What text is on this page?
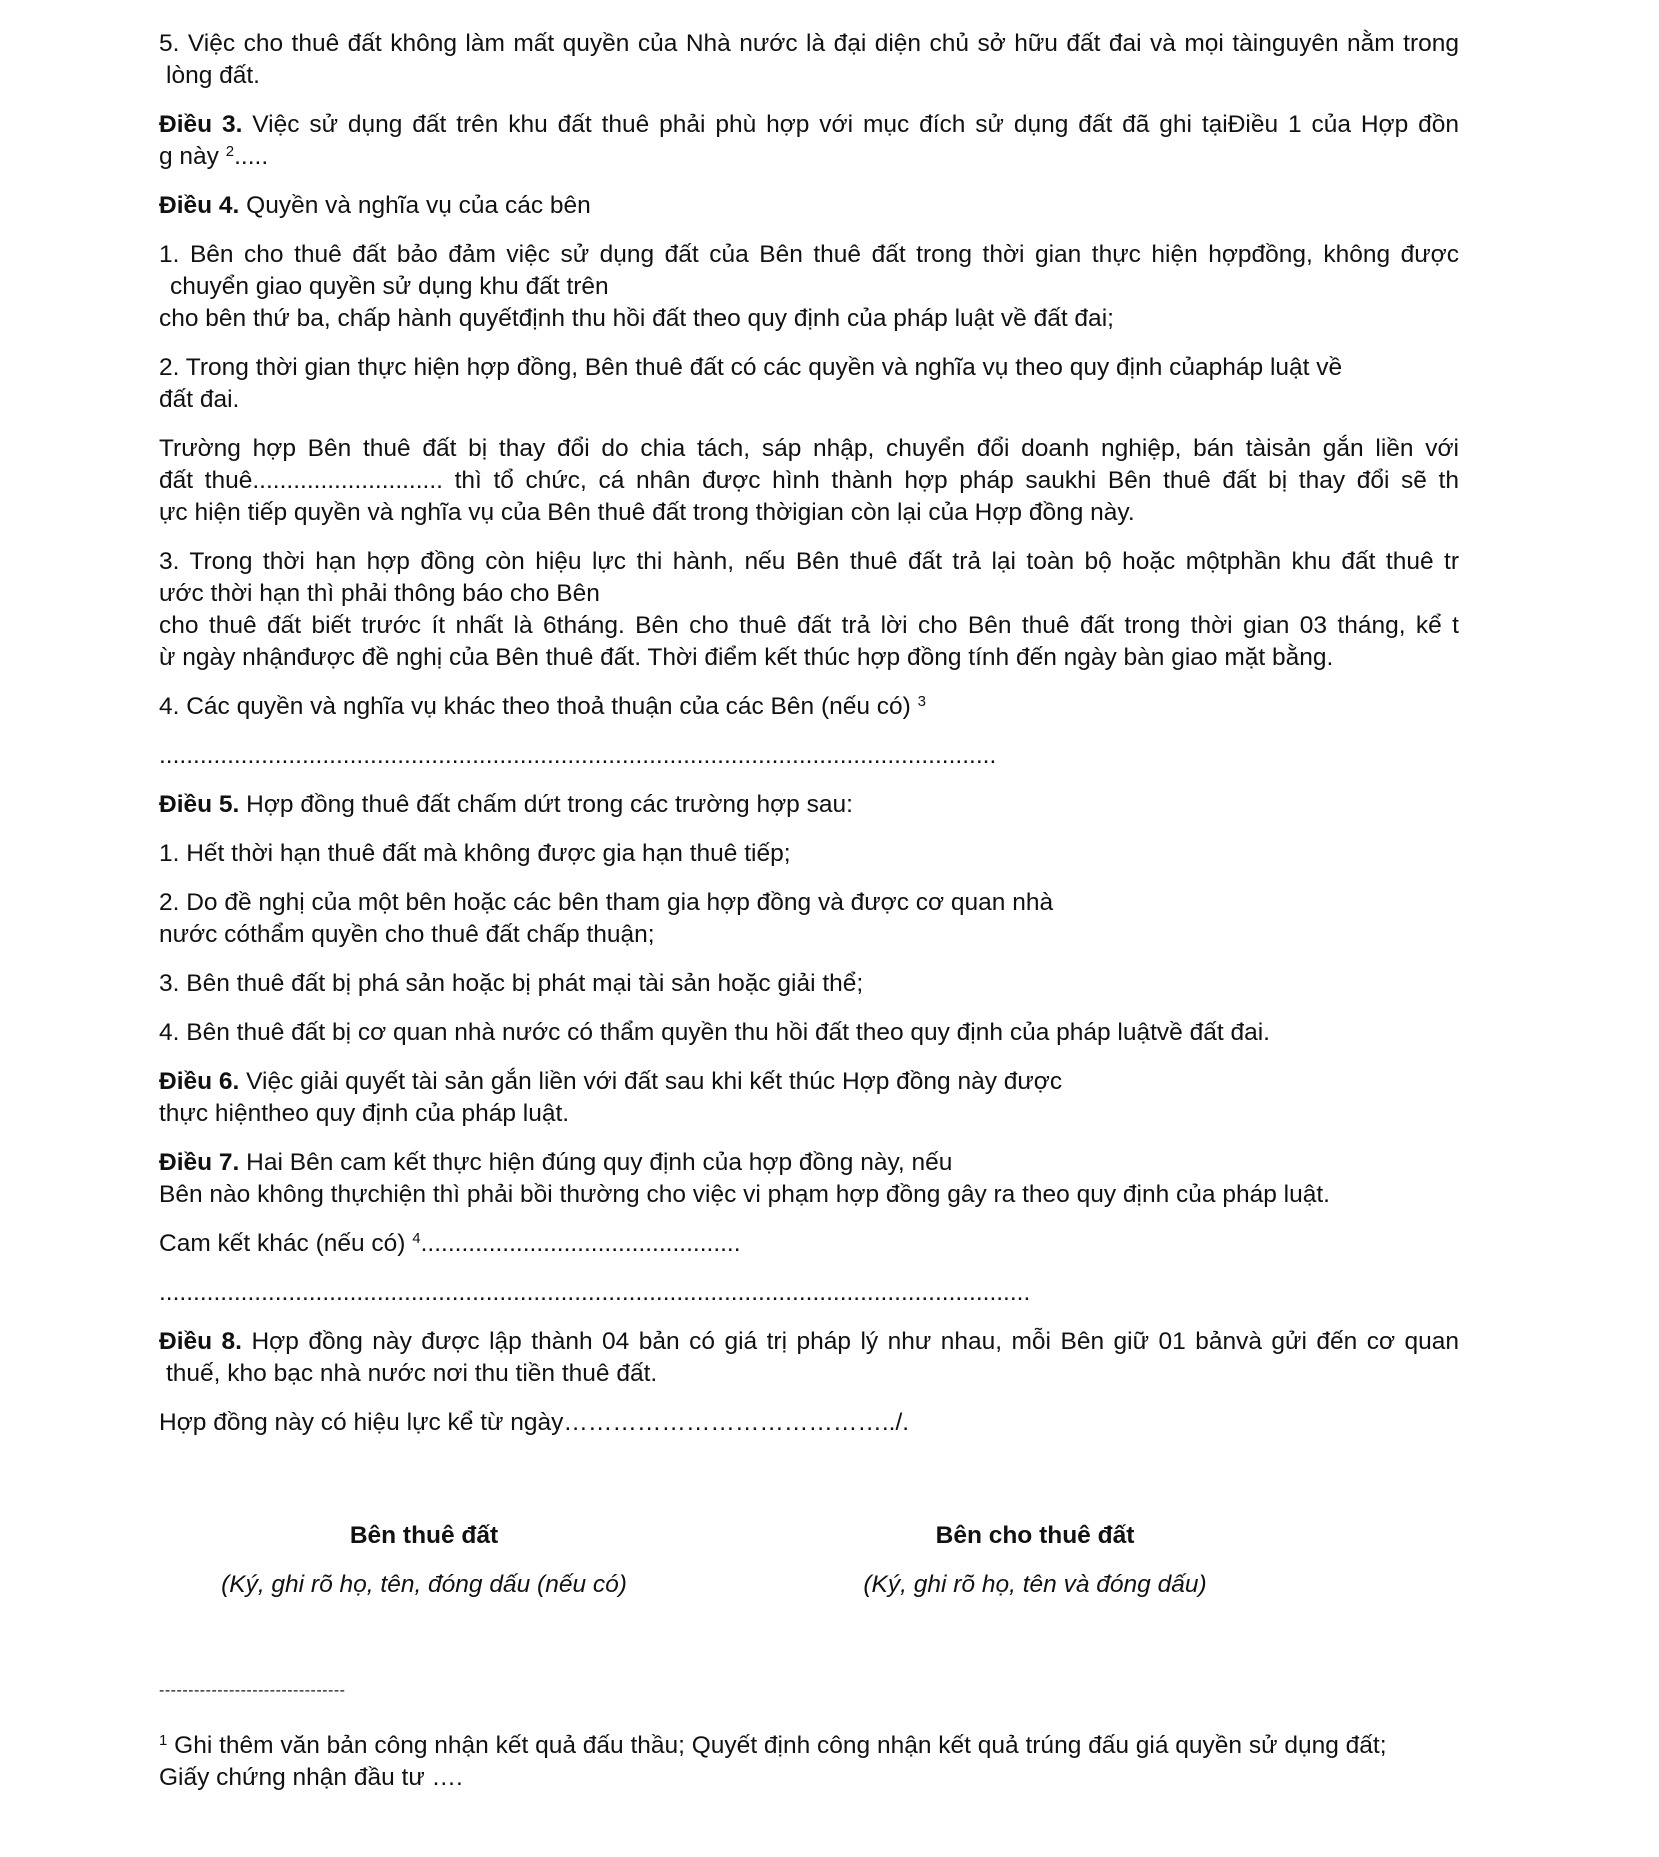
5. Việc cho thuê đất không làm mất quyền của Nhà nước là đại diện chủ sở hữu đất đai và mọi tàinguyên nằm trong
lòng đất.
Điều 3. Việc sử dụng đất trên khu đất thuê phải phù hợp với mục đích sử dụng đất đã ghi tạiĐiều 1 của Hợp đồn
g này $^2$.....
Điều 4. Quyền và nghĩa vụ của các bên
1. Bên cho thuê đất bảo đảm việc sử dụng đất của Bên thuê đất trong thời gian thực hiện hợpđồng, không được
chuyển giao quyền sử dụng khu đất trên
cho bên thứ ba, chấp hành quyếtđịnh thu hồi đất theo quy định của pháp luật về đất đai;
2. Trong thời gian thực hiện hợp đồng, Bên thuê đất có các quyền và nghĩa vụ theo quy định củapháp luật về
đất đai.
Trường hợp Bên thuê đất bị thay đổi do chia tách, sáp nhập, chuyển đổi doanh nghiệp, bán tàisản gắn liền với
đất thuê............................ thì tổ chức, cá nhân được hình thành hợp pháp saukhi Bên thuê đất bị thay đổi sẽ th
ực hiện tiếp quyền và nghĩa vụ của Bên thuê đất trong thờigian còn lại của Hợp đồng này.
3. Trong thời hạn hợp đồng còn hiệu lực thi hành, nếu Bên thuê đất trả lại toàn bộ hoặc mộtphần khu đất thuê tr
ước thời hạn thì phải thông báo cho Bên
cho thuê đất biết trước ít nhất là 6tháng. Bên cho thuê đất trả lời cho Bên thuê đất trong thời gian 03 tháng, kể t
ừ ngày nhậnđược đề nghị của Bên thuê đất. Thời điểm kết thúc hợp đồng tính đến ngày bàn giao mặt bằng.
4. Các quyền và nghĩa vụ khác theo thoả thuận của các Bên (nếu có) $^3$
...........................................................................................................................
Điều 5. Hợp đồng thuê đất chấm dứt trong các trường hợp sau:
1. Hết thời hạn thuê đất mà không được gia hạn thuê tiếp;
2. Do đề nghị của một bên hoặc các bên tham gia hợp đồng và được cơ quan nhà
nước cóthẩm quyền cho thuê đất chấp thuận;
3. Bên thuê đất bị phá sản hoặc bị phát mại tài sản hoặc giải thể;
4. Bên thuê đất bị cơ quan nhà nước có thẩm quyền thu hồi đất theo quy định của pháp luậtvề đất đai.
Điều 6. Việc giải quyết tài sản gắn liền với đất sau khi kết thúc Hợp đồng này được
thực hiệntheo quy định của pháp luật.
Điều 7. Hai Bên cam kết thực hiện đúng quy định của hợp đồng này, nếu
Bên nào không thựchiện thì phải bồi thường cho việc vi phạm hợp đồng gây ra theo quy định của pháp luật.
Cam kết khác (nếu có) $^4$...............................................
................................................................................................................................
Điều 8. Hợp đồng này được lập thành 04 bản có giá trị pháp lý như nhau, mỗi Bên giữ 01 bảnvà gửi đến cơ quan
thuế, kho bạc nhà nước nơi thu tiền thuê đất.
Hợp đồng này có hiệu lực kể từ ngày…………………………………../.
Bên thuê đất
(Ký, ghi rõ họ, tên, đóng dấu (nếu có)
Bên cho thuê đất
(Ký, ghi rõ họ, tên và đóng dấu)
--------------------------------
$^1$ Ghi thêm văn bản công nhận kết quả đấu thầu; Quyết định công nhận kết quả trúng đấu giá quyền sử dụng đất;
Giấy chứng nhận đầu tư ….
